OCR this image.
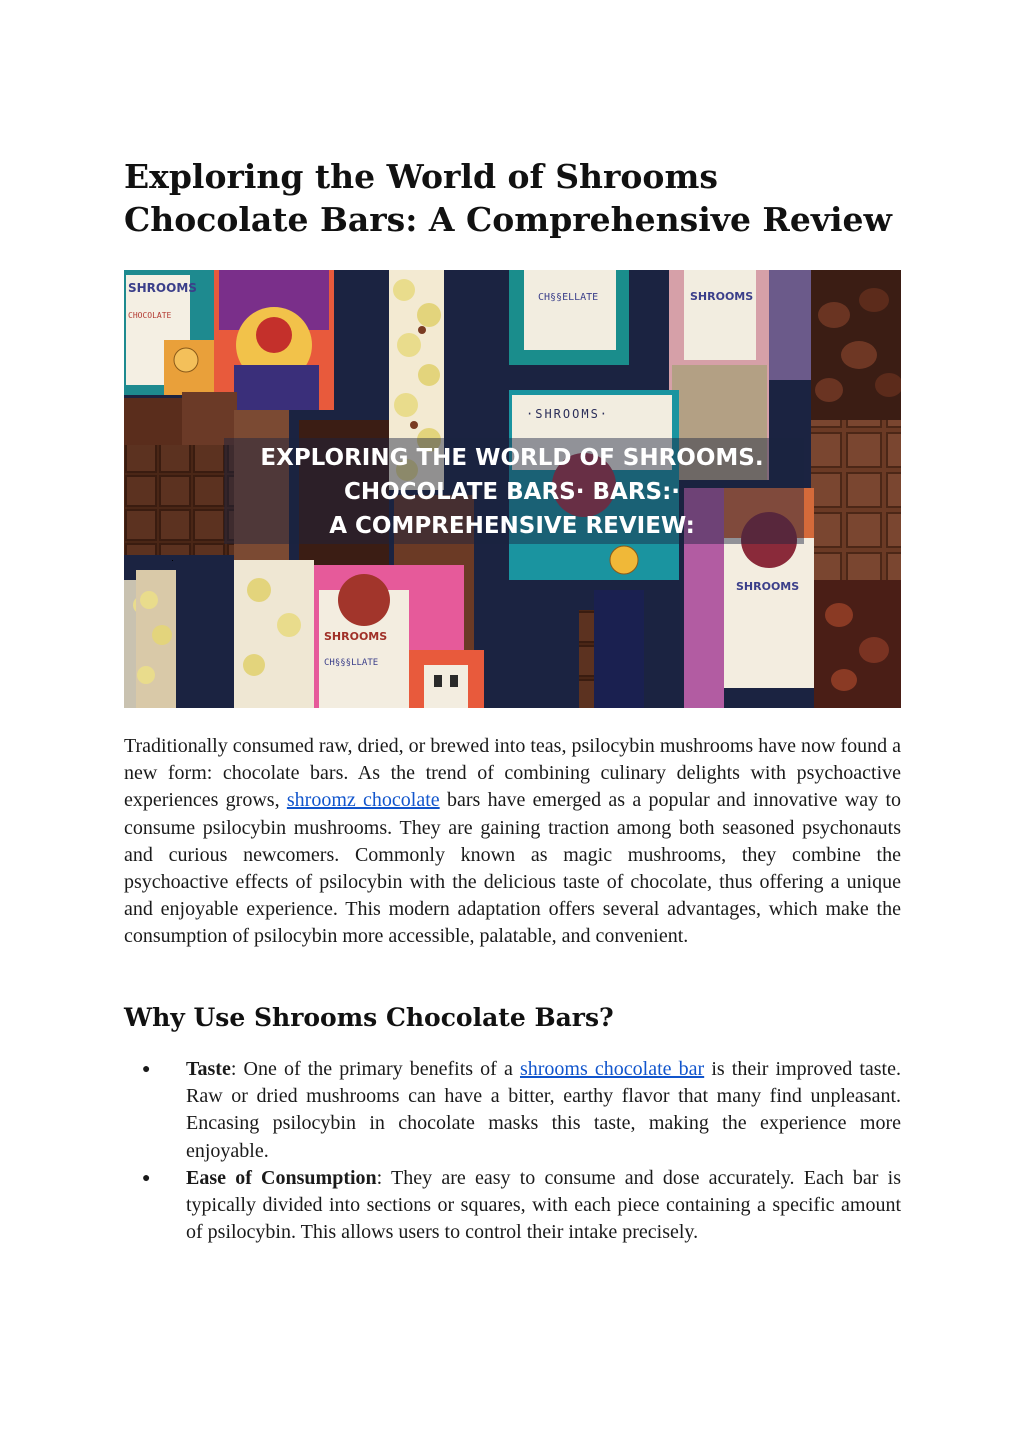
Exploring the World of Shrooms Chocolate Bars: A Comprehensive Review
SHROOMS
CHOCOLATE
CH§§ELLATE	SHROOMS
·SHROOMS·
SHROOMS
SHROOMS
CH§§§LLATE
EXPLORING THE WORLD OF SHROOMS.
CHOCOLATE BARS· BARS:·
A COMPREHENSIVE REVIEW:

Traditionally consumed raw, dried, or brewed into teas, psilocybin mushrooms have now found a new form: chocolate bars. As the trend of combining culinary delights with psychoactive experiences grows, shroomz chocolate bars have emerged as a popular and innovative way to consume psilocybin mushrooms. They are gaining traction among both seasoned psychonauts and curious newcomers. Commonly known as magic mushrooms, they combine the psychoactive effects of psilocybin with the delicious taste of chocolate, thus offering a unique and enjoyable experience. This modern adaptation offers several advantages, which make the consumption of psilocybin more accessible, palatable, and convenient.

Why Use Shrooms Chocolate Bars?
● Taste: One of the primary benefits of a shrooms chocolate bar is their improved taste. Raw or dried mushrooms can have a bitter, earthy flavor that many find unpleasant. Encasing psilocybin in chocolate masks this taste, making the experience more enjoyable.
● Ease of Consumption: They are easy to consume and dose accurately. Each bar is typically divided into sections or squares, with each piece containing a specific amount of psilocybin. This allows users to control their intake precisely.
